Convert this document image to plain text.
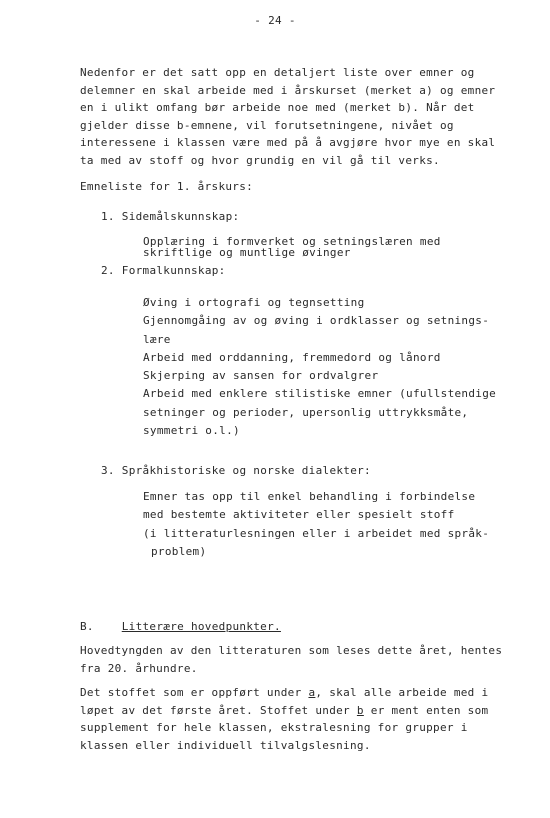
- 24 -
Nedenfor er det satt opp en detaljert liste over emner og
delemner en skal arbeide med i årskurset (merket a) og emner
en i ulikt omfang bør arbeide noe med (merket b). Når det
gjelder disse b-emnene, vil forutsetningene, nivået og
interessene i klassen være med på å avgjøre hvor mye en skal
ta med av stoff og hvor grundig en vil gå til verks.
Emneliste for 1. årskurs:
1. Sidemålskunnskap:
Opplæring i formverket og setningslæren med
skriftlige og muntlige øvinger
2. Formalkunnskap:
Øving i ortografi og tegnsetting
Gjennomgåing av og øving i ordklasser og setnings-
lære
Arbeid med orddanning, fremmedord og lånord
Skjerping av sansen for ordvalgrer
Arbeid med enklere stilistiske emner (ufullstendige
setninger og perioder, upersonlig uttrykksmåte,
symmetri o.l.)
3. Språkhistoriske og norske dialekter:
Emner tas opp til enkel behandling i forbindelse
med bestemte aktiviteter eller spesielt stoff
(i litteraturlesningen eller i arbeidet med språk-
problem)
B.	Litterære hovedpunkter.
Hovedtyngden av den litteraturen som leses dette året, hentes
fra 20. århundre.
Det stoffet som er oppført under a, skal alle arbeide med i
løpet av det første året. Stoffet under b er ment enten som
supplement for hele klassen, ekstralesning for grupper i
klassen eller individuell tilvalgslesning.
